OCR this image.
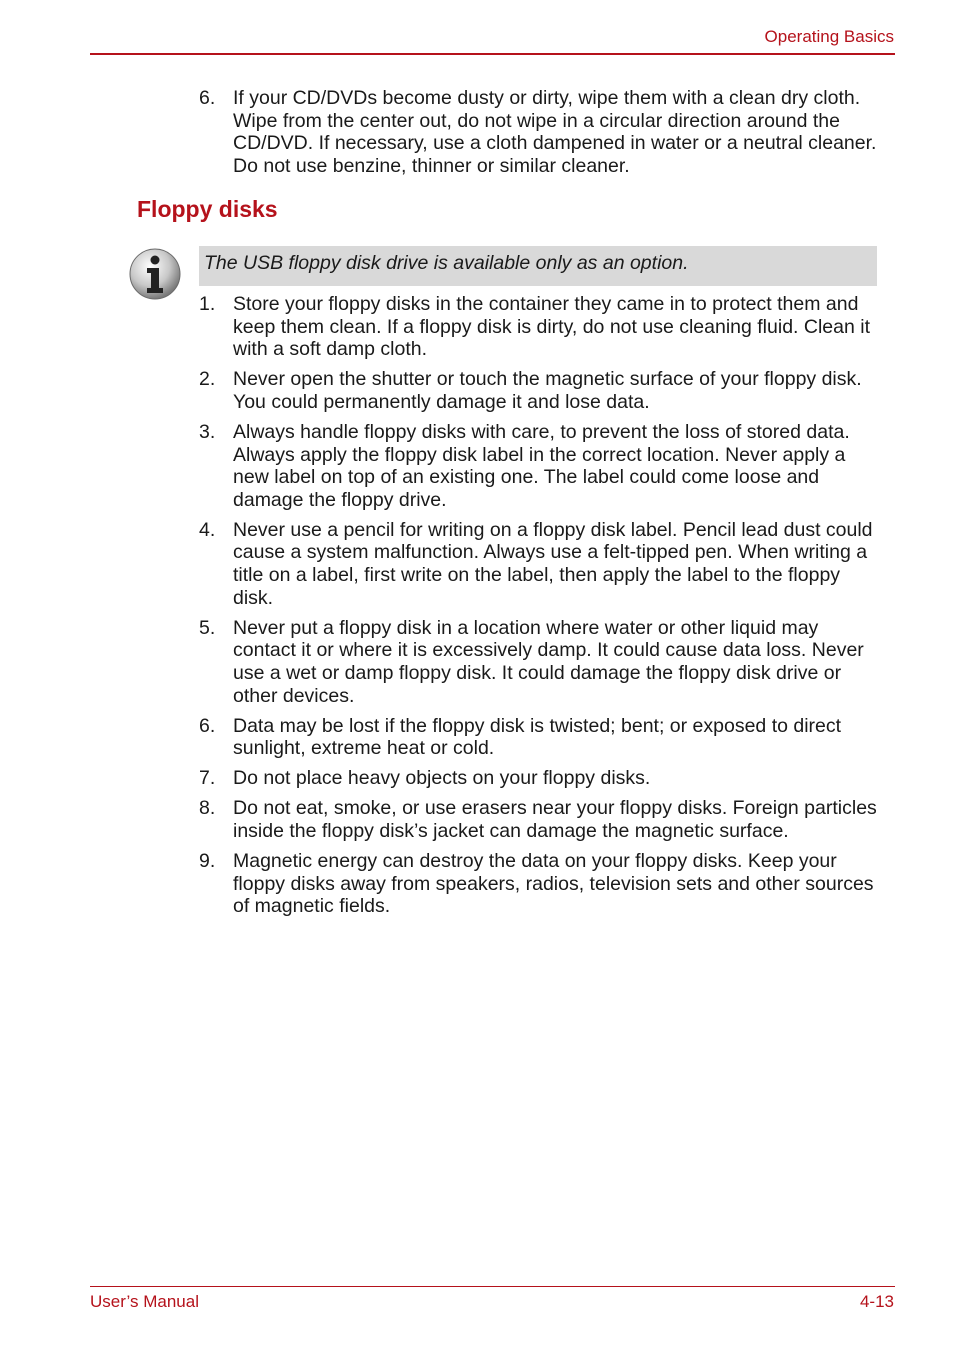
Operating Basics
6. If your CD/DVDs become dusty or dirty, wipe them with a clean dry cloth. Wipe from the center out, do not wipe in a circular direction around the CD/DVD. If necessary, use a cloth dampened in water or a neutral cleaner. Do not use benzine, thinner or similar cleaner.
Floppy disks
The USB floppy disk drive is available only as an option.
1. Store your floppy disks in the container they came in to protect them and keep them clean. If a floppy disk is dirty, do not use cleaning fluid. Clean it with a soft damp cloth.
2. Never open the shutter or touch the magnetic surface of your floppy disk. You could permanently damage it and lose data.
3. Always handle floppy disks with care, to prevent the loss of stored data. Always apply the floppy disk label in the correct location. Never apply a new label on top of an existing one. The label could come loose and damage the floppy drive.
4. Never use a pencil for writing on a floppy disk label. Pencil lead dust could cause a system malfunction. Always use a felt-tipped pen. When writing a title on a label, first write on the label, then apply the label to the floppy disk.
5. Never put a floppy disk in a location where water or other liquid may contact it or where it is excessively damp. It could cause data loss. Never use a wet or damp floppy disk. It could damage the floppy disk drive or other devices.
6. Data may be lost if the floppy disk is twisted; bent; or exposed to direct sunlight, extreme heat or cold.
7. Do not place heavy objects on your floppy disks.
8. Do not eat, smoke, or use erasers near your floppy disks. Foreign particles inside the floppy disk’s jacket can damage the magnetic surface.
9. Magnetic energy can destroy the data on your floppy disks. Keep your floppy disks away from speakers, radios, television sets and other sources of magnetic fields.
User’s Manual	4-13
